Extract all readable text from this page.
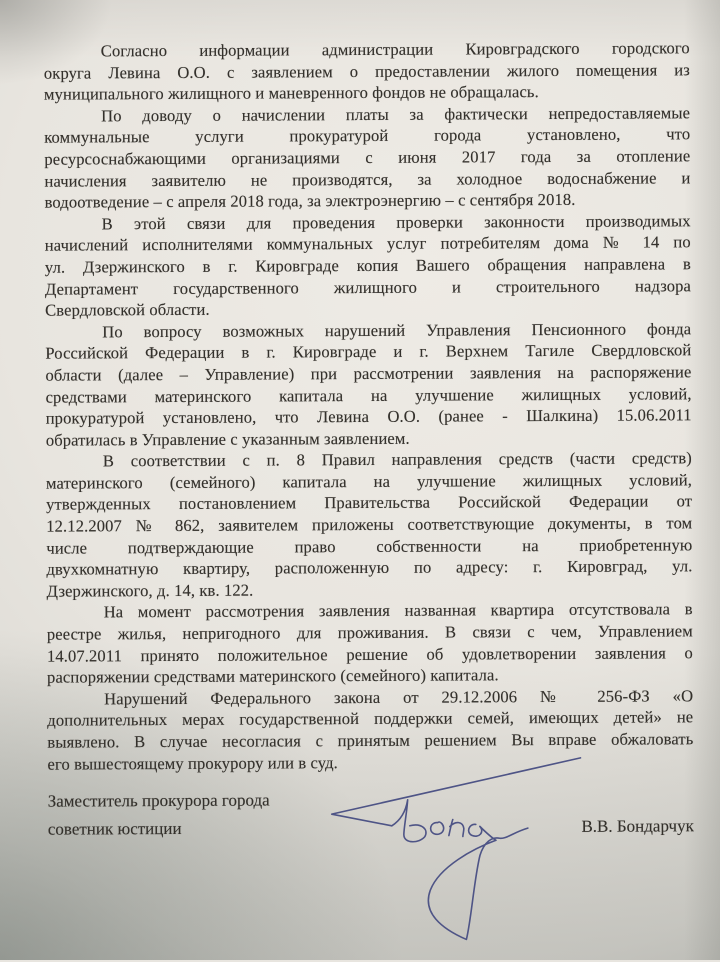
Согласно информации администрации Кировградского городского
округа Левина О.О. с заявлением о предоставлении жилого помещения из
муниципального жилищного и маневренного фондов не обращалась.
По доводу о начислении платы за фактически непредоставляемые
коммунальные услуги прокуратурой города установлено, что
ресурсоснабжающими организациями с июня 2017 года за отопление
начисления заявителю не производятся, за холодное водоснабжение и
водоотведение – с апреля 2018 года, за электроэнергию – с сентября 2018.
В этой связи для проведения проверки законности производимых
начислений исполнителями коммунальных услуг потребителям дома № 14 по
ул. Дзержинского в г. Кировграде копия Вашего обращения направлена в
Департамент государственного жилищного и строительного надзора
Свердловской области.
По вопросу возможных нарушений Управления Пенсионного фонда
Российской Федерации в г. Кировграде и г. Верхнем Тагиле Свердловской
области (далее – Управление) при рассмотрении заявления на распоряжение
средствами материнского капитала на улучшение жилищных условий,
прокуратурой установлено, что Левина О.О. (ранее - Шалкина) 15.06.2011
обратилась в Управление с указанным заявлением.
В соответствии с п. 8 Правил направления средств (части средств)
материнского (семейного) капитала на улучшение жилищных условий,
утвержденных постановлением Правительства Российской Федерации от
12.12.2007 № 862, заявителем приложены соответствующие документы, в том
числе подтверждающие право собственности на приобретенную
двухкомнатную квартиру, расположенную по адресу: г. Кировград, ул.
Дзержинского, д. 14, кв. 122.
На момент рассмотрения заявления названная квартира отсутствовала в
реестре жилья, непригодного для проживания. В связи с чем, Управлением
14.07.2011 принято положительное решение об удовлетворении заявления о
распоряжении средствами материнского (семейного) капитала.
Нарушений Федерального закона от 29.12.2006 № 256-ФЗ «О
дополнительных мерах государственной поддержки семей, имеющих детей» не
выявлено. В случае несогласия с принятым решением Вы вправе обжаловать
его вышестоящему прокурору или в суд.
Заместитель прокурора города
советник юстиции	В.В. Бондарчук
